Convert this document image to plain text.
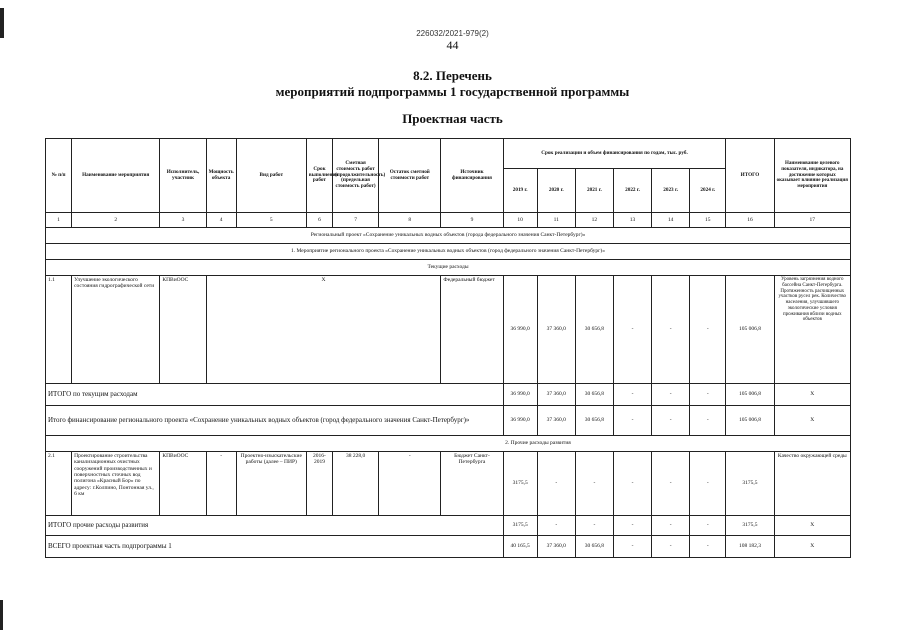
226032/2021-979(2)
44
8.2. Перечень
мероприятий подпрограммы 1 государственной программы
Проектная часть
№ п/п	Наименование мероприятия	Исполнитель, участник	Мощность объекта	Вид работ	Срок выполнения работ	Сметная стоимость работ (продолжительность) (предельная стоимость работ)	Остаток сметной стоимости работ	Источник финансирования	Срок реализации и объем финансирования по годам, тыс. руб.						ИТОГО	Наименование целевого показателя, индикатора, на достижение которых оказывает влияние реализация мероприятия
									2019 г.	2020 г.	2021 г.	2022 г.	2023 г.	2024 г.		
1	2	3	4	5	6	7	8	9	10	11	12	13	14	15	16	17
Региональный проект «Сохранение уникальных водных объектов (города федерального значения Санкт-Петербург)»																
1. Мероприятие регионального проекта «Сохранение уникальных водных объектов (город федерального значения Санкт-Петербург)»																
Текущие расходы																
1.1	Улучшение экологического состояния гидрографической сети	КПВиООС	Х					Федеральный бюджет	36 990,0	37 360,0	30 656,8	-	-	-	105 006,8	Уровень загрязнения водного бассейна Санкт-Петербурга. Протяженность расчищенных участков русел рек. Количество населения, улучшившего экологические условия проживания вблизи водных объектов
ИТОГО по текущим расходам									36 990,0	37 360,0	30 656,8	-	-	-	105 006,8	Х
Итого финансирование регионального проекта «Сохранение уникальных водных объектов (город федерального значения Санкт-Петербург)»									36 990,0	37 360,0	30 656,8	-	-	-	105 006,8	Х
									2. Прочие расходы развития							
2.1	Проектирование строительства канализационных очистных сооружений производственных и поверхностных сточных вод полигона «Красный Бор» по адресу: г.Колпино, Понтонная ул., 6 км	КПВиООС	-	Проектно-изыскательские работы (далее – ПИР)	2016-2019	38 228,0	-	Бюджет Санкт-Петербурга	3175,5	-	-	-	-	-	3175,5	Качество окружающей среды
ИТОГО прочие расходы развития									3175,5	-	-	-	-	-	3175,5	Х
ВСЕГО проектная часть подпрограммы 1									40 165,5	37 360,0	30 656,8	-	-	-	108 182,3	Х
